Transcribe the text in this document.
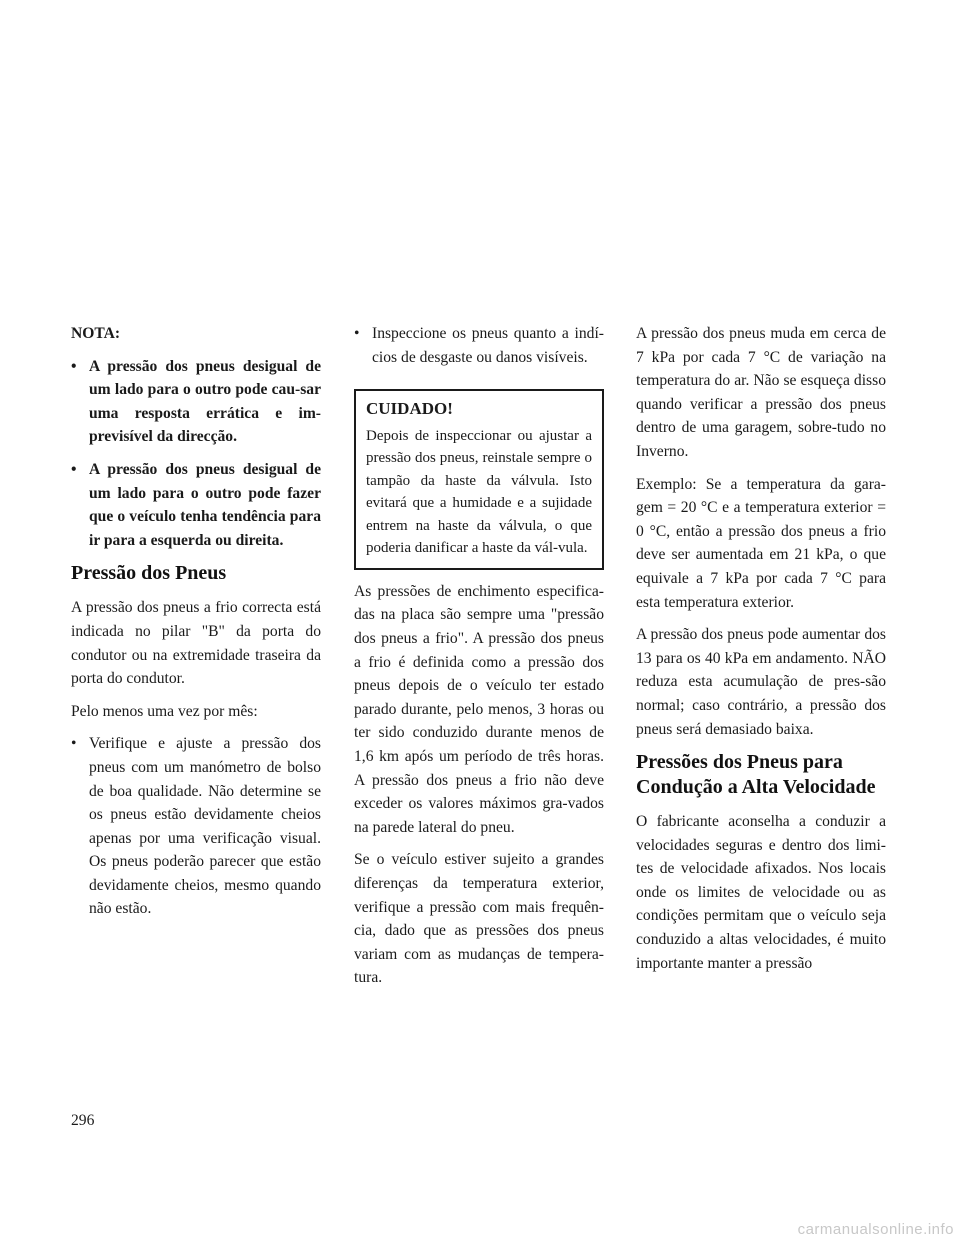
NOTA:

• A pressão dos pneus desigual de um lado para o outro pode cau-sar uma resposta errática e im-previsível da direcção.
• A pressão dos pneus desigual de um lado para o outro pode fazer que o veículo tenha tendência para ir para a esquerda ou direita.
Pressão dos Pneus

A pressão dos pneus a frio correcta está indicada no pilar "B" da porta do condutor ou na extremidade traseira da porta do condutor.

Pelo menos uma vez por mês:

• Verifique e ajuste a pressão dos pneus com um manómetro de bolso de boa qualidade. Não determine se os pneus estão devidamente cheios apenas por uma verificação visual. Os pneus poderão parecer que estão devidamente cheios, mesmo quando não estão.
• Inspeccione os pneus quanto a indí-cios de desgaste ou danos visíveis.
CUIDADO!

Depois de inspeccionar ou ajustar a pressão dos pneus, reinstale sempre o tampão da haste da válvula. Isto evitará que a humidade e a sujidade entrem na haste da válvula, o que poderia danificar a haste da vál-vula.

As pressões de enchimento especifica-das na placa são sempre uma "pressão dos pneus a frio". A pressão dos pneus a frio é definida como a pressão dos pneus depois de o veículo ter estado parado durante, pelo menos, 3 horas ou ter sido conduzido durante menos de 1,6 km após um período de três horas. A pressão dos pneus a frio não deve exceder os valores máximos gra-vados na parede lateral do pneu.

Se o veículo estiver sujeito a grandes diferenças da temperatura exterior, verifique a pressão com mais frequên-cia, dado que as pressões dos pneus variam com as mudanças de tempera-tura.

A pressão dos pneus muda em cerca de 7 kPa por cada 7 °C de variação na temperatura do ar. Não se esqueça disso quando verificar a pressão dos pneus dentro de uma garagem, sobre-tudo no Inverno.

Exemplo: Se a temperatura da gara-gem = 20 °C e a temperatura exterior = 0 °C, então a pressão dos pneus a frio deve ser aumentada em 21 kPa, o que equivale a 7 kPa por cada 7 °C para esta temperatura exterior.

A pressão dos pneus pode aumentar dos 13 para os 40 kPa em andamento. NÃO reduza esta acumulação de pres-são normal; caso contrário, a pressão dos pneus será demasiado baixa.

Pressões dos Pneus para Condução a Alta Velocidade

O fabricante aconselha a conduzir a velocidades seguras e dentro dos limi-tes de velocidade afixados. Nos locais onde os limites de velocidade ou as condições permitam que o veículo seja conduzido a altas velocidades, é muito importante manter a pressão

296
carmanualsonline.info
